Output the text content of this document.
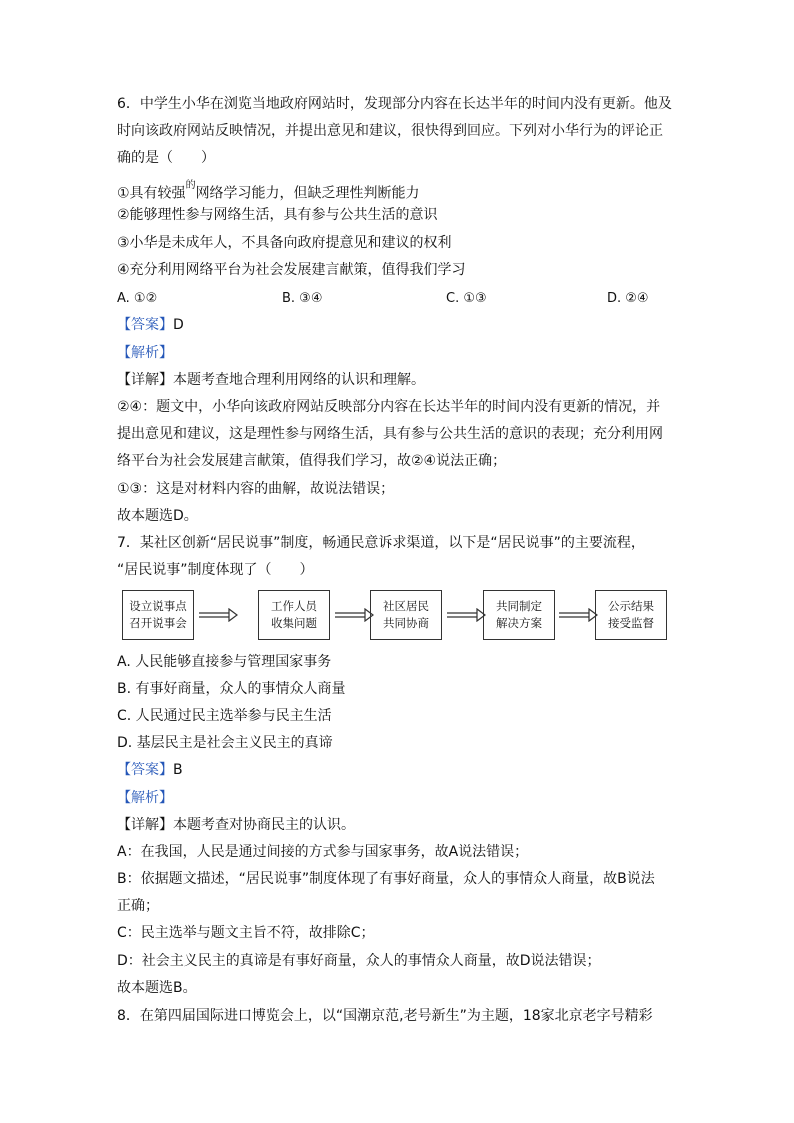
6．中学生小华在浏览当地政府网站时，发现部分内容在长达半年的时间内没有更新。他及
时向该政府网站反映情况，并提出意见和建议，很快得到回应。下列对小华行为的评论正
确的是（　　）
①具有较强$^的$网络学习能力，但缺乏理性判断能力
②能够理性参与网络生活，具有参与公共生活的意识
③小华是未成年人，不具备向政府提意见和建议的权利
④充分利用网络平台为社会发展建言献策，值得我们学习
A. ①②	B. ③④	C. ①③	D. ②④
【答案】D
【解析】
【详解】本题考查地合理利用网络的认识和理解。
②④：题文中，小华向该政府网站反映部分内容在长达半年的时间内没有更新的情况，并
提出意见和建议，这是理性参与网络生活，具有参与公共生活的意识的表现；充分利用网
络平台为社会发展建言献策，值得我们学习，故②④说法正确；
①③：这是对材料内容的曲解，故说法错误；
故本题选D。
7．某社区创新“居民说事”制度，畅通民意诉求渠道，以下是“居民说事”的主要流程，
“居民说事”制度体现了（　　）
设立说事点
召开说事会
工作人员
收集问题
社区居民
共同协商
共同制定
解决方案
公示结果
接受监督
A. 人民能够直接参与管理国家事务
B. 有事好商量，众人的事情众人商量
C. 人民通过民主选举参与民主生活
D. 基层民主是社会主义民主的真谛
【答案】B
【解析】
【详解】本题考查对协商民主的认识。
A：在我国，人民是通过间接的方式参与国家事务，故A说法错误；
B：依据题文描述，“居民说事”制度体现了有事好商量，众人的事情众人商量，故B说法
正确；
C：民主选举与题文主旨不符，故排除C；
D：社会主义民主的真谛是有事好商量，众人的事情众人商量，故D说法错误；
故本题选B。
8．在第四届国际进口博览会上，以“国潮京范,老号新生”为主题，18家北京老字号精彩
